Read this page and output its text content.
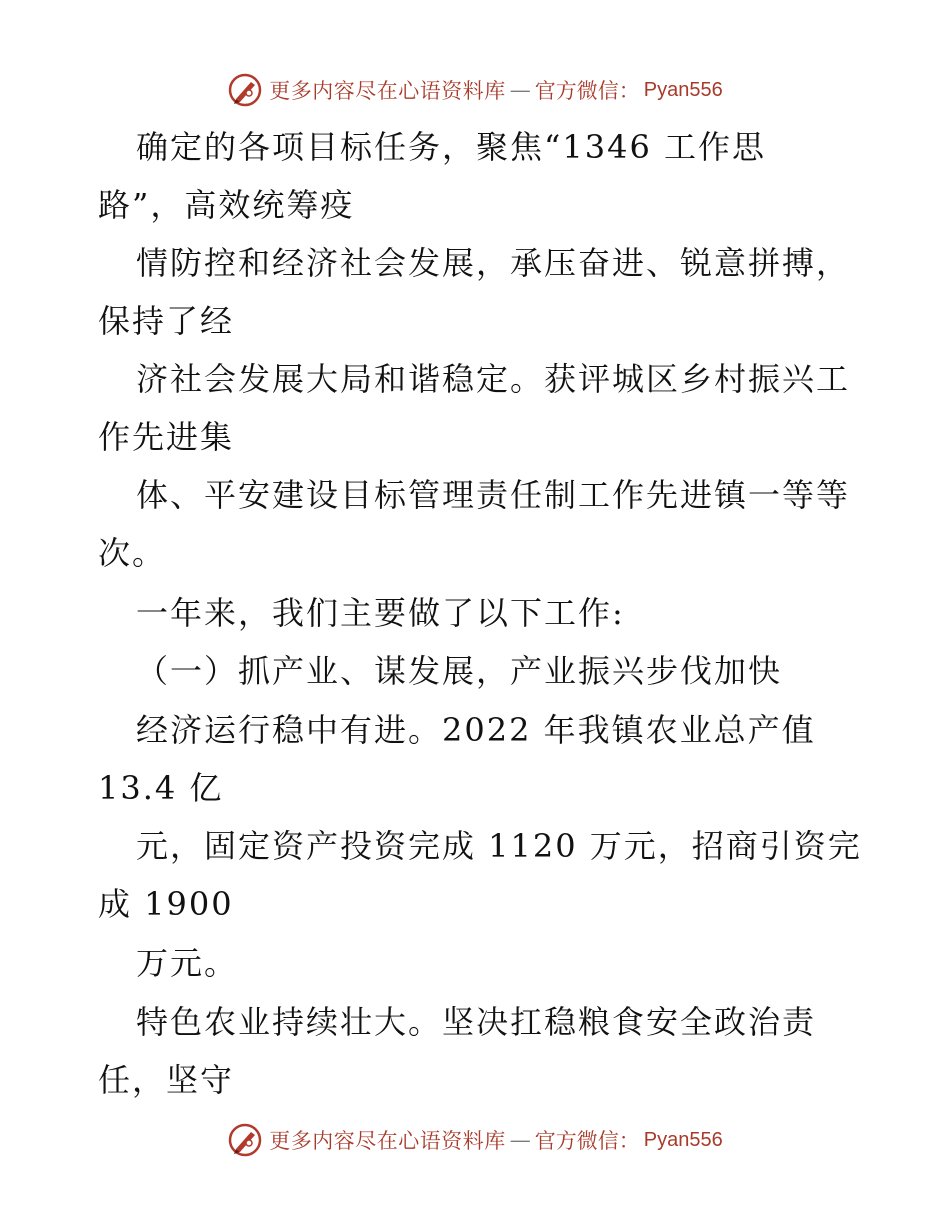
更多内容尽在心语资料库 — 官方微信： Pyan556
确定的各项目标任务，聚焦“1346 工作思
路”，高效统筹疫
情防控和经济社会发展，承压奋进、锐意拼搏，
保持了经
济社会发展大局和谐稳定。获评城区乡村振兴工
作先进集
体、平安建设目标管理责任制工作先进镇一等等
次。
一年来，我们主要做了以下工作:
（一）抓产业、谋发展，产业振兴步伐加快
经济运行稳中有进。2022 年我镇农业总产值
13.4 亿
元，固定资产投资完成 1120 万元，招商引资完
成 1900
万元。
特色农业持续壮大。坚决扛稳粮食安全政治责
任，坚守
更多内容尽在心语资料库 — 官方微信： Pyan556
